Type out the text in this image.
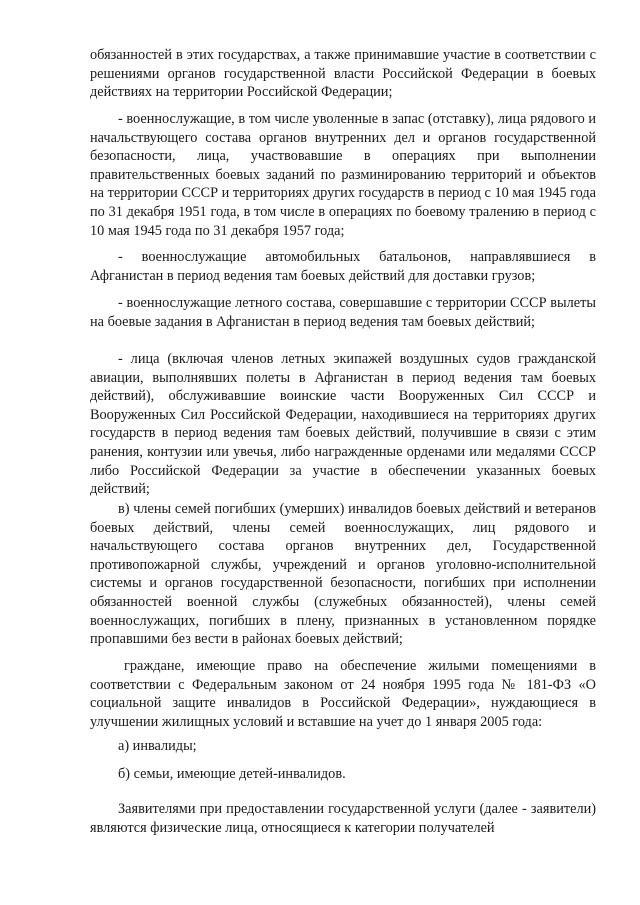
обязанностей в этих государствах, а также принимавшие участие в соответствии с решениями органов государственной власти Российской Федерации в боевых действиях на территории Российской Федерации;

- военнослужащие, в том числе уволенные в запас (отставку), лица рядового и начальствующего состава органов внутренних дел и органов государственной безопасности, лица, участвовавшие в операциях при выполнении правительственных боевых заданий по разминированию территорий и объектов на территории СССР и территориях других государств в период с 10 мая 1945 года по 31 декабря 1951 года, в том числе в операциях по боевому тралению в период с 10 мая 1945 года по 31 декабря 1957 года;

- военнослужащие автомобильных батальонов, направлявшиеся в Афганистан в период ведения там боевых действий для доставки грузов;

- военнослужащие летного состава, совершавшие с территории СССР вылеты на боевые задания в Афганистан в период ведения там боевых действий;

- лица (включая членов летных экипажей воздушных судов гражданской авиации, выполнявших полеты в Афганистан в период ведения там боевых действий), обслуживавшие воинские части Вооруженных Сил СССР и Вооруженных Сил Российской Федерации, находившиеся на территориях других государств в период ведения там боевых действий, получившие в связи с этим ранения, контузии или увечья, либо награжденные орденами или медалями СССР либо Российской Федерации за участие в обеспечении указанных боевых действий;

в) члены семей погибших (умерших) инвалидов боевых действий и ветеранов боевых действий, члены семей военнослужащих, лиц рядового и начальствующего состава органов внутренних дел, Государственной противопожарной службы, учреждений и органов уголовно-исполнительной системы и органов государственной безопасности, погибших при исполнении обязанностей военной службы (служебных обязанностей), члены семей военнослужащих, погибших в плену, признанных в установленном порядке пропавшими без вести в районах боевых действий;

граждане, имеющие право на обеспечение жилыми помещениями в соответствии с Федеральным законом от 24 ноября 1995 года № 181-ФЗ «О социальной защите инвалидов в Российской Федерации», нуждающиеся в улучшении жилищных условий и вставшие на учет до 1 января 2005 года:

а) инвалиды;

б) семьи, имеющие детей-инвалидов.

Заявителями при предоставлении государственной услуги (далее - заявители) являются физические лица, относящиеся к категории получателей
